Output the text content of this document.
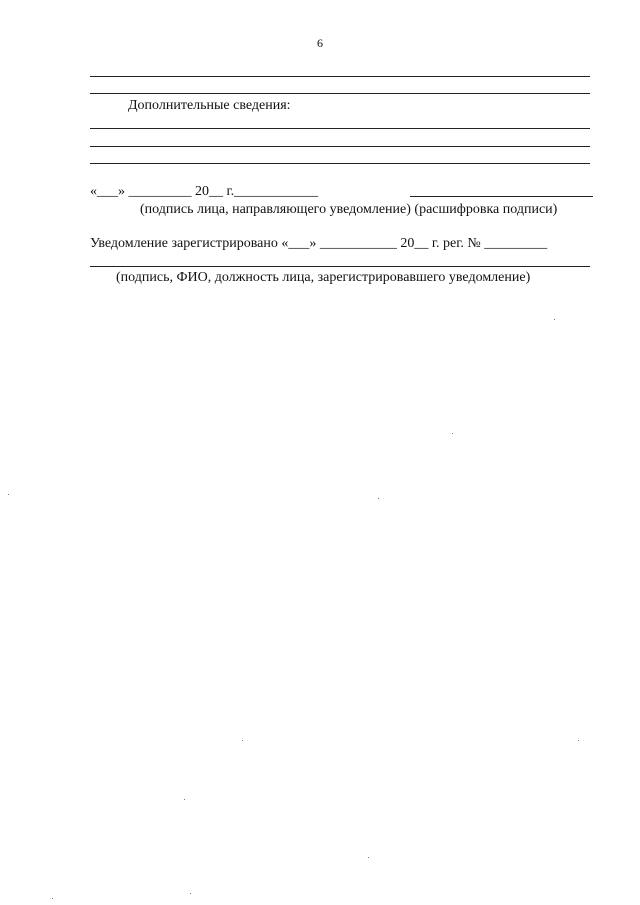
6
Дополнительные сведения:
«___» _________ 20__ г.____________
(подпись лица, направляющего уведомление) (расшифровка подписи)
Уведомление зарегистрировано «___» ___________ 20__ г. рег. № _________
(подпись, ФИО, должность лица, зарегистрировавшего уведомление)
